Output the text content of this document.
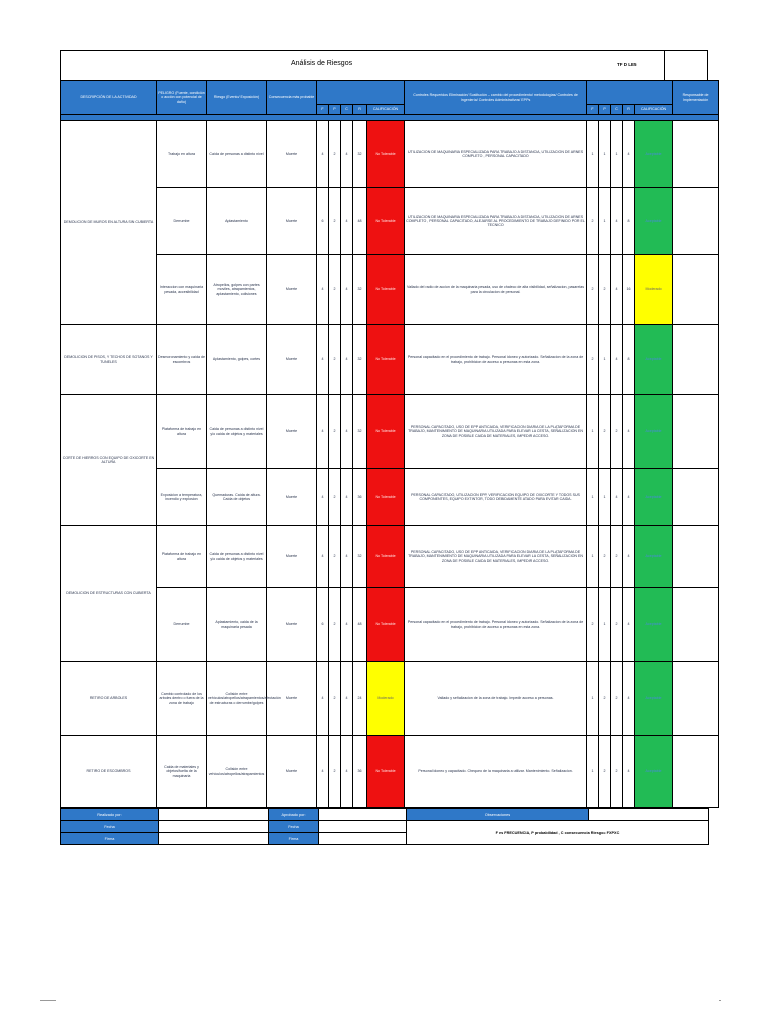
Análisis de Riesgos	TF D LE5
DESCRIPCIÓN DE LA ACTIVIDAD	PELIGRO (Fuente, condición o acción con potencial de daño)	Riesgo (Evento/ Exposición)	Consecuencia más probable						Controles Requeridos Eliminación/ Sustitución – cambio del procedimiento/ metodologías/ Controles de Ingeniería/ Controles Administrativos/ EPPs						Responsable de Implementación
				F	P	C	R	CALIFICACIÓN		F	P	C	R	CALIFICACIÓN	

DEMOLICION DE MUROS EN ALTURA SIN CUBIERTA	Trabajo en altura	Caída de personas a distinto nivel	Muerte	4	2	4	32	No Tolerable	UTILIZACION DE MAQUINARIA ESPECIALIZADA PARA TRABAJO A DISTANCIA, UTILIZACION DE ARNES COMPLETO , PERSONAL CAPACITADO	1	1	1	4	Aceptable	
	Derrumbe	Aplastamiento	Muerte	6	2	4	48	No Tolerable	UTILIZACION DE MAQUINARIA ESPECIALIZADA PARA TRABAJO A DISTANCIA, UTILIZACION DE ARNES COMPLETO , PERSONAL CAPACITADO, ALEJARSE AL PROCEDIMIENTO DE TRABAJO DEFINIDO POR EL TECNICO	2	1	4	8	Aceptable	
	Interaccion con maquinaria pesada, accesibilidad	Atropellos, golpes con partes moviles, atrapamientos, aplastamiento, colisiones	Muerte	4	2	4	32	No Tolerable	Vallado del radio de accion de la maquinaria pesada, uso de chaleco de alta visibilidad, señalizacion, pasarelas para la circulacion de personal.	2	2	4	16	Moderado	
DEMOLICION DE PISOS, Y TECHOS DE SOTANOS Y TUNELES	Desmoronamiento y caída de escombros	Aplastamiento, golpes, cortes	Muerte	4	2	4	32	No Tolerable	Personal capacitado en el procedimiento de trabajo. Personal idoneo y autorizado. Señalizacion de la zona de trabajo, prohibicion de acceso a personas en esta zona.	2	1	4	8	Aceptable	
CORTE DE HIERROS CON EQUIPO DE OXICORTE EN ALTURA	Plataforma de trabajo en altura	Caida de personas a distinto nivel y/o caida de objetos y materiales	Muerte	4	2	4	32	No Tolerable	PERSONAL CAPACITADO, USO DE EPP ANTICAIDA, VERIFICACION DIARIA DE LA PLATAFORMA DE TRABAJO, MANTENIMIENTO DE MAQUINARIA UTILIZADA PARA ELEVAR LA CESTA, SEÑALIZACION EN ZONA DE POSIBLE CAIDA DE MATERIALES, IMPEDIR ACCESO.	1	2	2	4	Aceptable	
	Exposicion a temperatura, incendio y explosion	Quemaduras. Caída de altura. Caída de objetos	Muerte	4	2	4	36	No Tolerable	PERSONAL CAPACITADO, UTILIZACION EPP, VERIFICACION EQUIPO DE OXICORTE Y TODOS SUS COMPONENTES, EQUIPO EXTINTOR, TODO DEBIDAMENTE ATADO PARA EVITAR CAIDA.	1	1	4	4	Aceptable	
DEMOLICION DE ESTRUCTURAS CON CUBIERTA	Plataforma de trabajo en altura	Caida de personas a distinto nivel y/o caida de objetos y materiales	Muerte	4	2	4	32	No Tolerable	PERSONAL CAPACITADO, USO DE EPP ANTICAIDA, VERIFICACION DIARIA DE LA PLATAFORMA DE TRABAJO, MANTENIMIENTO DE MAQUINARIA UTILIZADA PARA ELEVAR LA CESTA, SEÑALIZACION EN ZONA DE POSIBLE CAIDA DE MATERIALES, IMPEDIR ACCESO.	1	2	2	4	Aceptable	
	Derrumbe	Aplastamiento, caida de la maquinaria pesada	Muerte	6	2	4	48	No Tolerable	Personal capacitado en el procedimiento de trabajo. Personal idoneo y autorizado. Señalizacion de la zona de trabajo, prohibicion de acceso a personas en esta zona.	2	1	2	4	Aceptable	
RETIRO DE ARBOLES	Cambio controlado de los arboles dentro o fuera de la zona de trabajo	Colisión entre vehículos/atropellos/atrapamientos/afectación de estructuras o derrumbe/golpes	Muerte	4	2	4	24	Moderado	Vallado y señalizacion de la zona de trabajo. Impedir acceso a personas.	1	2	2	4	Aceptable	
RETIRO DE ESCOMBROS	Caida de materiales y objetos/fuelta de la maquinaria	Colisión entre vehículos/atropellos/atrapamientos	Muerte	4	2	4	36	No Tolerable	Personal idoneo y capacitado. Chequeo de la maquinaria a utilizar. Mantenimiento. Señalizacion.	1	2	2	4	Aceptable	
Realizado por:		Aprobado por:		Observaciones	
Fecha		Fecha		F es FRECUENCIA, P probabilidad , C consecuencia Riesgo= FXPXC	
Firma		Firma			
